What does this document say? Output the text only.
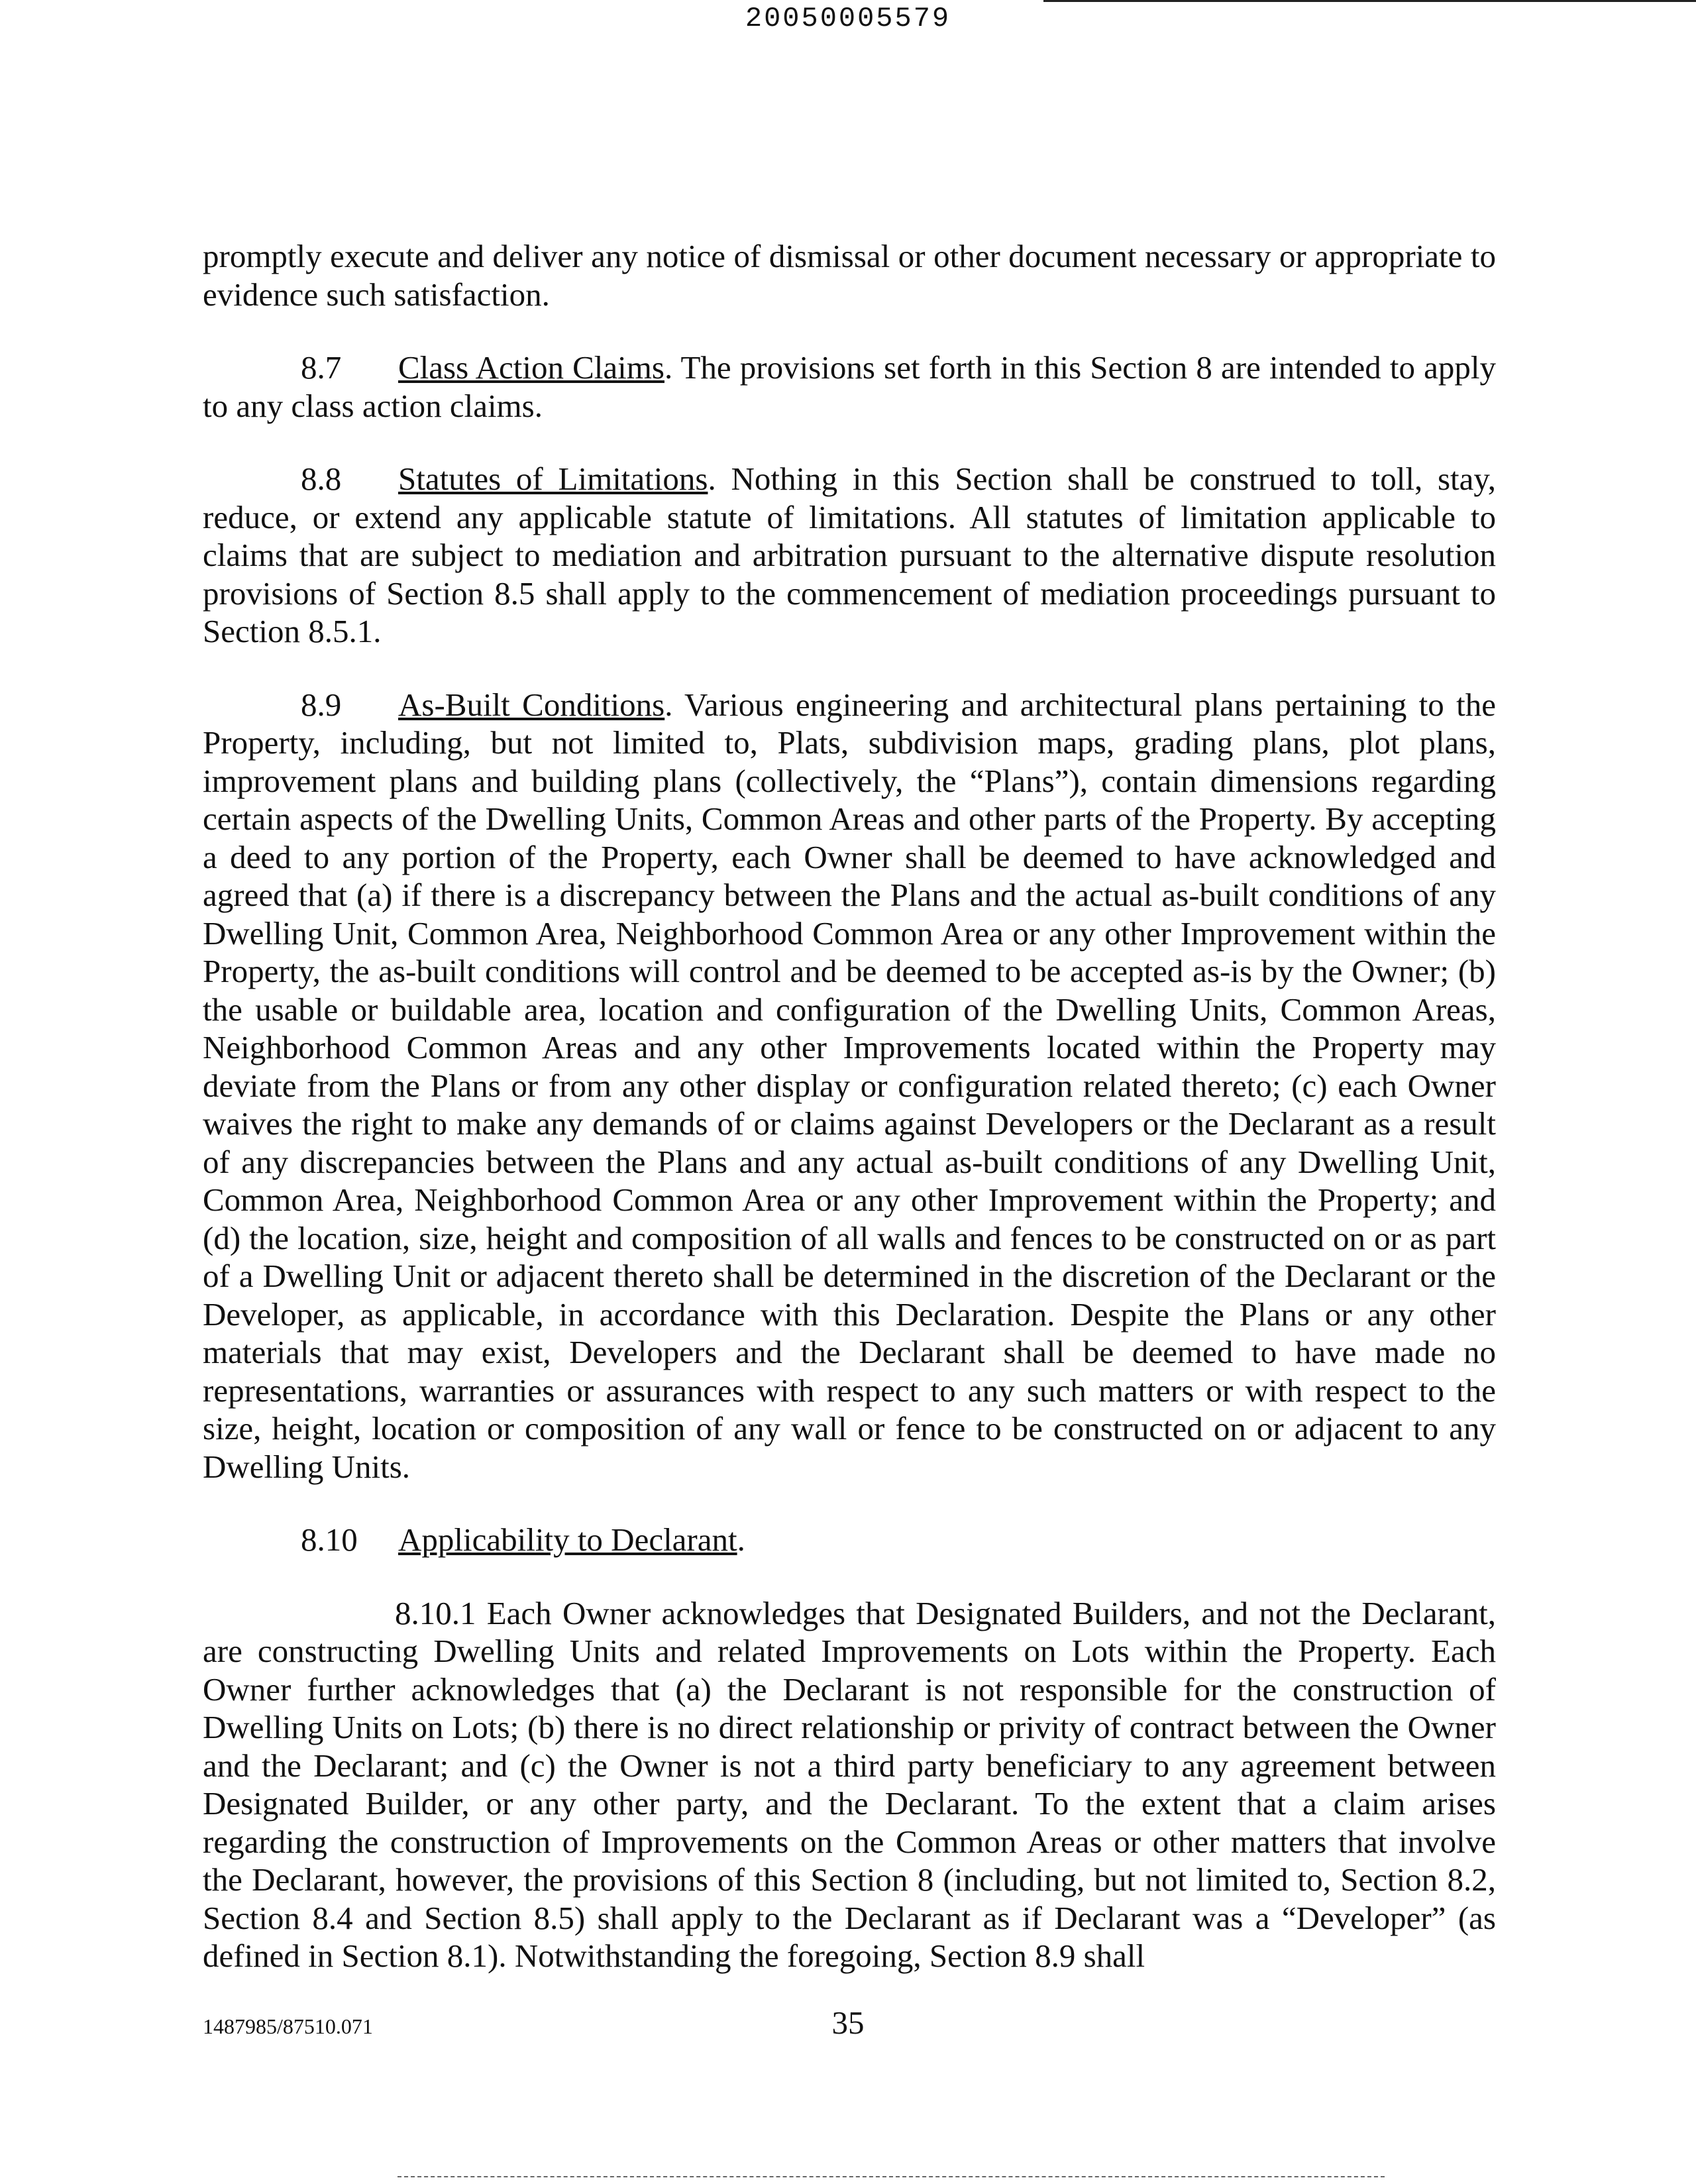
20050005579

promptly execute and deliver any notice of dismissal or other document necessary or appropriate to evidence such satisfaction.

8.7 Class Action Claims. The provisions set forth in this Section 8 are intended to apply to any class action claims.

8.8 Statutes of Limitations. Nothing in this Section shall be construed to toll, stay, reduce, or extend any applicable statute of limitations. All statutes of limitation applicable to claims that are subject to mediation and arbitration pursuant to the alternative dispute resolution provisions of Section 8.5 shall apply to the commencement of mediation proceedings pursuant to Section 8.5.1.

8.9 As-Built Conditions. Various engineering and architectural plans pertaining to the Property, including, but not limited to, Plats, subdivision maps, grading plans, plot plans, improvement plans and building plans (collectively, the “Plans”), contain dimensions regarding certain aspects of the Dwelling Units, Common Areas and other parts of the Property. By accepting a deed to any portion of the Property, each Owner shall be deemed to have acknowledged and agreed that (a) if there is a discrepancy between the Plans and the actual as-built conditions of any Dwelling Unit, Common Area, Neighborhood Common Area or any other Improvement within the Property, the as-built conditions will control and be deemed to be accepted as-is by the Owner; (b) the usable or buildable area, location and configuration of the Dwelling Units, Common Areas, Neighborhood Common Areas and any other Improvements located within the Property may deviate from the Plans or from any other display or configuration related thereto; (c) each Owner waives the right to make any demands of or claims against Developers or the Declarant as a result of any discrepancies between the Plans and any actual as-built conditions of any Dwelling Unit, Common Area, Neighborhood Common Area or any other Improvement within the Property; and (d) the location, size, height and composition of all walls and fences to be constructed on or as part of a Dwelling Unit or adjacent thereto shall be determined in the discretion of the Declarant or the Developer, as applicable, in accordance with this Declaration. Despite the Plans or any other materials that may exist, Developers and the Declarant shall be deemed to have made no representations, warranties or assurances with respect to any such matters or with respect to the size, height, location or composition of any wall or fence to be constructed on or adjacent to any Dwelling Units.

8.10 Applicability to Declarant.

8.10.1 Each Owner acknowledges that Designated Builders, and not the Declarant, are constructing Dwelling Units and related Improvements on Lots within the Property. Each Owner further acknowledges that (a) the Declarant is not responsible for the construction of Dwelling Units on Lots; (b) there is no direct relationship or privity of contract between the Owner and the Declarant; and (c) the Owner is not a third party beneficiary to any agreement between Designated Builder, or any other party, and the Declarant. To the extent that a claim arises regarding the construction of Improvements on the Common Areas or other matters that involve the Declarant, however, the provisions of this Section 8 (including, but not limited to, Section 8.2, Section 8.4 and Section 8.5) shall apply to the Declarant as if Declarant was a “Developer” (as defined in Section 8.1). Notwithstanding the foregoing, Section 8.9 shall

1487985/87510.071	35
